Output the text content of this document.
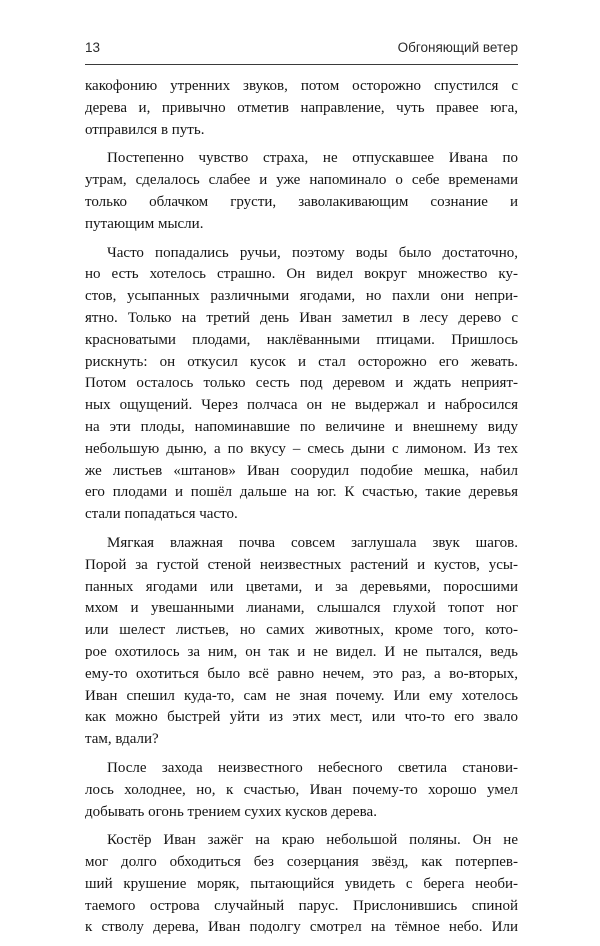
13	Обгоняющий ветер
какофонию утренних звуков, потом осторожно спустился с
дерева и, привычно отметив направление, чуть правее юга,
отправился в путь.
Постепенно чувство страха, не отпускавшее Ивана по
утрам, сделалось слабее и уже напоминало о себе временами
только облачком грусти, заволакивающим сознание и
путающим мысли.
Часто попадались ручьи, поэтому воды было достаточно,
но есть хотелось страшно. Он видел вокруг множество ку-
стов, усыпанных различными ягодами, но пахли они непри-
ятно. Только на третий день Иван заметил в лесу дерево с
красноватыми плодами, наклёванными птицами. Пришлось
рискнуть: он откусил кусок и стал осторожно его жевать.
Потом осталось только сесть под деревом и ждать неприят-
ных ощущений. Через полчаса он не выдержал и набросился
на эти плоды, напоминавшие по величине и внешнему виду
небольшую дыню, а по вкусу – смесь дыни с лимоном. Из тех
же листьев «штанов» Иван соорудил подобие мешка, набил
его плодами и пошёл дальше на юг. К счастью, такие деревья
стали попадаться часто.
Мягкая влажная почва совсем заглушала звук шагов.
Порой за густой стеной неизвестных растений и кустов, усы-
панных ягодами или цветами, и за деревьями, поросшими
мхом и увешанными лианами, слышался глухой топот ног
или шелест листьев, но самих животных, кроме того, кото-
рое охотилось за ним, он так и не видел. И не пытался, ведь
ему-то охотиться было всё равно нечем, это раз, а во-вторых,
Иван спешил куда-то, сам не зная почему. Или ему хотелось
как можно быстрей уйти из этих мест, или что-то его звало
там, вдали?
После захода неизвестного небесного светила станови-
лось холоднее, но, к счастью, Иван почему-то хорошо умел
добывать огонь трением сухих кусков дерева.
Костёр Иван зажёг на краю небольшой поляны. Он не
мог долго обходиться без созерцания звёзд, как потерпев-
ший крушение моряк, пытающийся увидеть с берега необи-
таемого острова случайный парус. Прислонившись спиной
к стволу дерева, Иван подолгу смотрел на тёмное небо. Или
